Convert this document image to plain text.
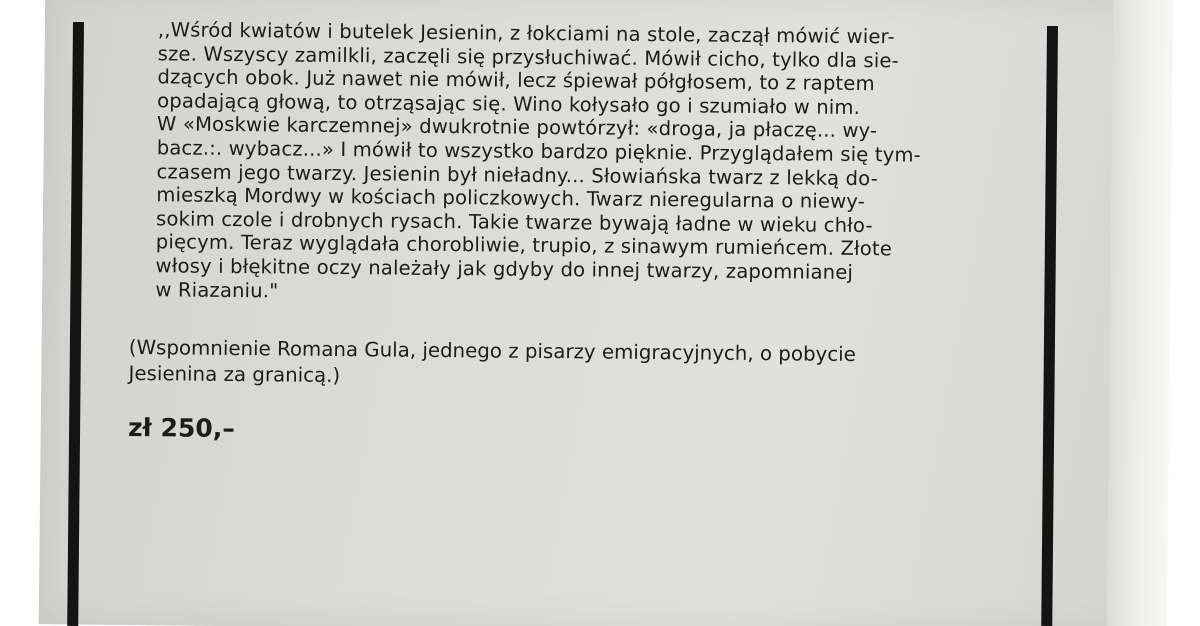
,,Wśród kwiatów i butelek Jesienin, z łokciami na stole, zaczął mówić wier-
sze. Wszyscy zamilkli, zaczęli się przysłuchiwać. Mówił cicho, tylko dla sie-
dzących obok. Już nawet nie mówił, lecz śpiewał półgłosem, to z raptem
opadającą głową, to otrząsając się. Wino kołysało go i szumiało w nim.
W «Moskwie karczemnej» dwukrotnie powtórzył: «droga, ja płaczę... wy-
bacz.:. wybacz...» I mówił to wszystko bardzo pięknie. Przyglądałem się tym-
czasem jego twarzy. Jesienin był nieładny... Słowiańska twarz z lekką do-
mieszką Mordwy w kościach policzkowych. Twarz nieregularna o niewy-
sokim czole i drobnych rysach. Takie twarze bywają ładne w wieku chło-
pięcym. Teraz wyglądała chorobliwie, trupio, z sinawym rumieńcem. Złote
włosy i błękitne oczy należały jak gdyby do innej twarzy, zapomnianej
w Riazaniu."

(Wspomnienie Romana Gula, jednego z pisarzy emigracyjnych, o pobycie
Jesienina za granicą.)

zł 250,–
